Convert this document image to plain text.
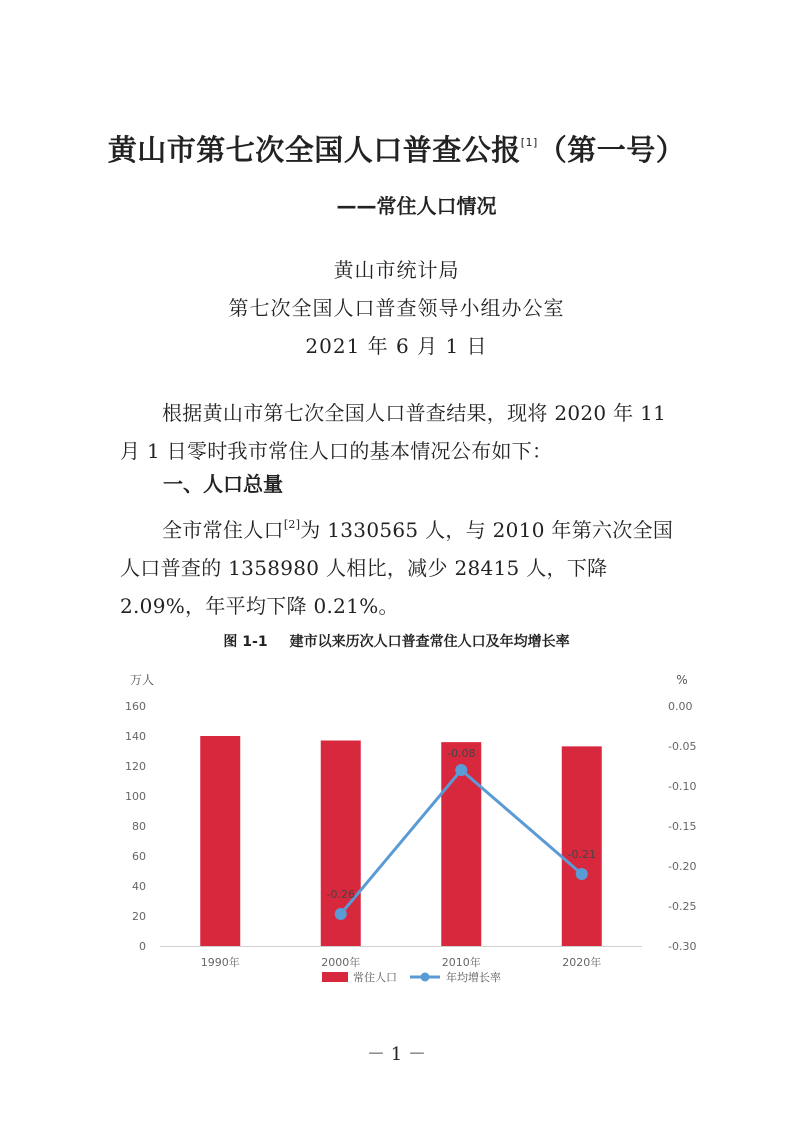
黄山市第七次全国人口普查公报[1]（第一号）
——常住人口情况
黄山市统计局
第七次全国人口普查领导小组办公室
2021 年 6 月 1 日
根据黄山市第七次全国人口普查结果，现将 2020 年 11 月 1 日零时我市常住人口的基本情况公布如下：
一、人口总量
全市常住人口[2]为 1330565 人，与 2010 年第六次全国人口普查的 1358980 人相比，减少 28415 人，下降 2.09%，年平均下降 0.21%。
图 1-1 建市以来历次人口普查常住人口及年均增长率
万人
160
140
120
100
80
60
40
20
0
%
0.00
-0.05
-0.10
-0.15
-0.20
-0.25
-0.30
-0.26
-0.08
-0.21
1990年	2000年	2010年	2020年
常住人口	年均增长率
－ 1 －
